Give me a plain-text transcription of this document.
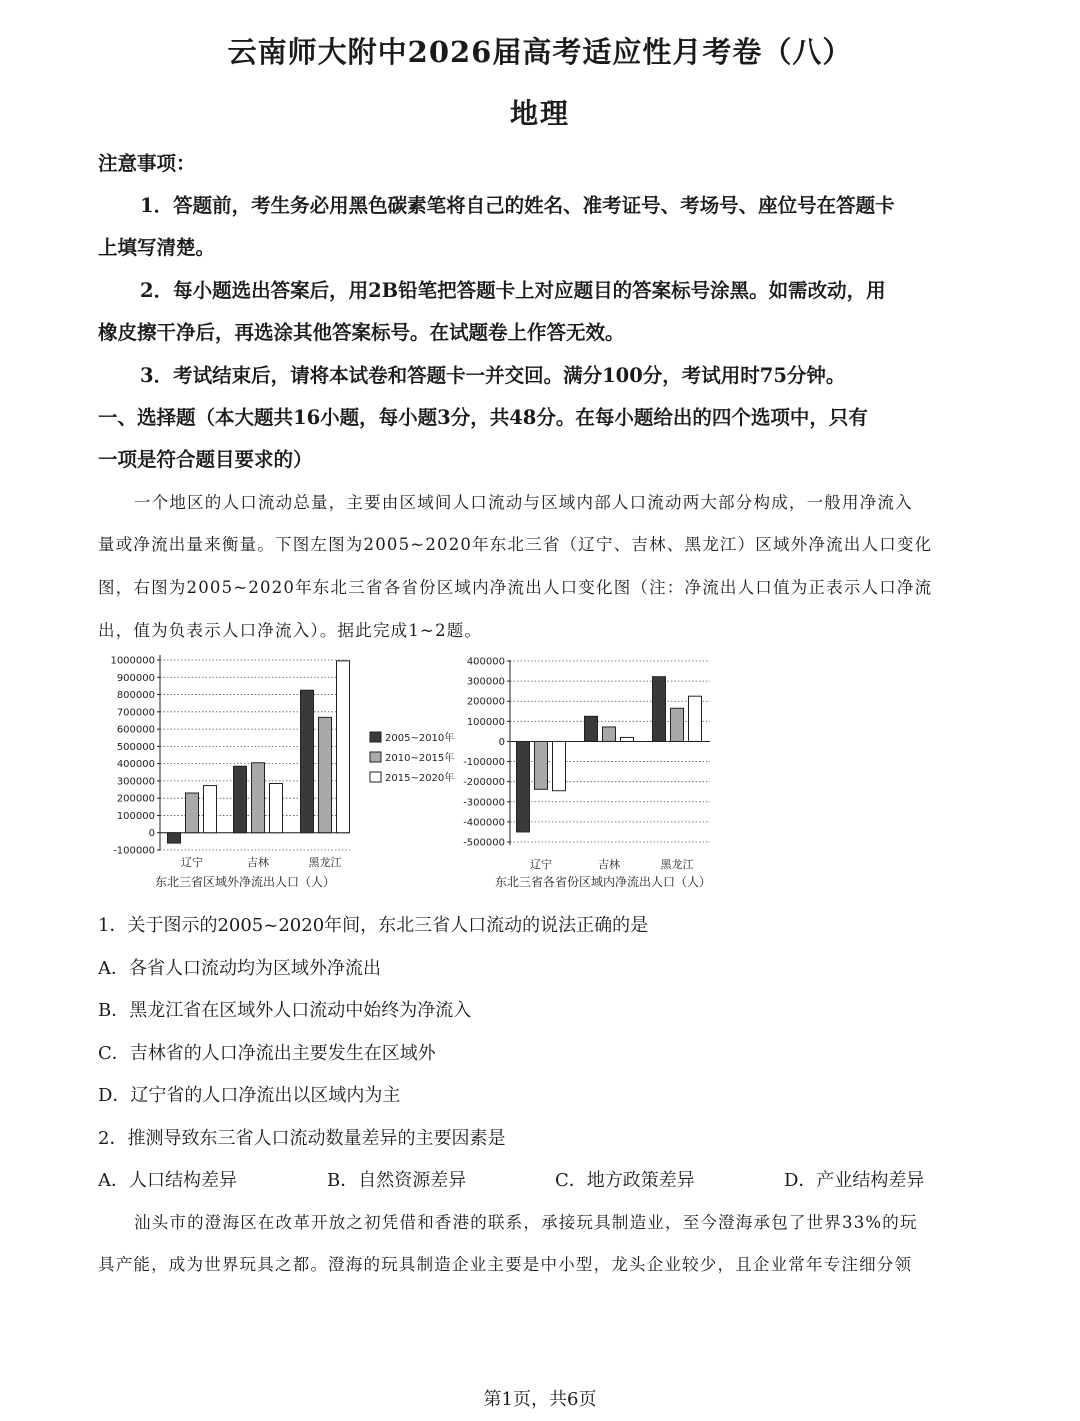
云南师大附中2026届高考适应性月考卷（八）
地理
注意事项：
1．答题前，考生务必用黑色碳素笔将自己的姓名、准考证号、考场号、座位号在答题卡
上填写清楚。
2．每小题选出答案后，用2B铅笔把答题卡上对应题目的答案标号涂黑。如需改动，用
橡皮擦干净后，再选涂其他答案标号。在试题卷上作答无效。
3．考试结束后，请将本试卷和答题卡一并交回。满分100分，考试用时75分钟。
一、选择题（本大题共16小题，每小题3分，共48分。在每小题给出的四个选项中，只有
一项是符合题目要求的）
一个地区的人口流动总量，主要由区域间人口流动与区域内部人口流动两大部分构成，一般用净流入
量或净流出量来衡量。下图左图为2005~2020年东北三省（辽宁、吉林、黑龙江）区域外净流出人口变化
图，右图为2005~2020年东北三省各省份区域内净流出人口变化图（注：净流出人口值为正表示人口净流
出，值为负表示人口净流入）。据此完成1~2题。
1000000
900000
800000
700000
600000
500000
400000
300000
200000
100000
0
-100000
辽宁	吉林	黑龙江
2005~2010年
2010~2015年
2015~2020年
东北三省区域外净流出人口（人）
400000
300000
200000
100000
0
-100000
-200000
-300000
-400000
-500000
辽宁	吉林	黑龙江
东北三省各省份区域内净流出人口（人）
1．关于图示的2005~2020年间，东北三省人口流动的说法正确的是
A．各省人口流动均为区域外净流出
B．黑龙江省在区域外人口流动中始终为净流入
C．吉林省的人口净流出主要发生在区域外
D．辽宁省的人口净流出以区域内为主
2．推测导致东三省人口流动数量差异的主要因素是
A．人口结构差异	B．自然资源差异	C．地方政策差异	D．产业结构差异
汕头市的澄海区在改革开放之初凭借和香港的联系，承接玩具制造业，至今澄海承包了世界33%的玩
具产能，成为世界玩具之都。澄海的玩具制造企业主要是中小型，龙头企业较少，且企业常年专注细分领
第1页，共6页
